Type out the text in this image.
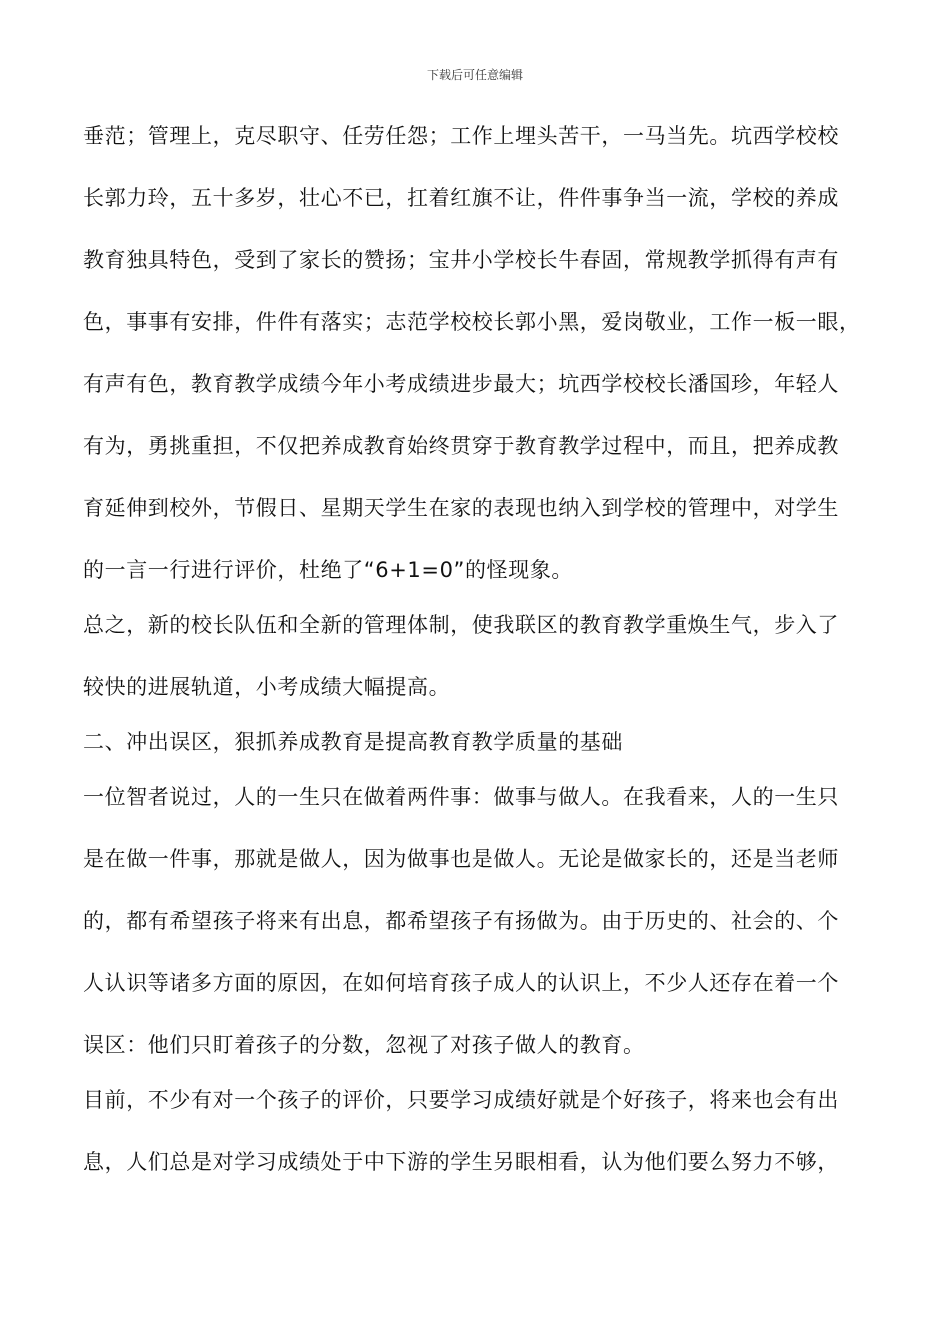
下载后可任意编辑
垂范；管理上，克尽职守、任劳任怨；工作上埋头苦干，一马当先。坑西学校校
长郭力玲，五十多岁，壮心不已，扛着红旗不让，件件事争当一流，学校的养成
教育独具特色，受到了家长的赞扬；宝井小学校长牛春固，常规教学抓得有声有
色，事事有安排，件件有落实；志范学校校长郭小黑，爱岗敬业，工作一板一眼，
有声有色，教育教学成绩今年小考成绩进步最大；坑西学校校长潘国珍，年轻人
有为，勇挑重担，不仅把养成教育始终贯穿于教育教学过程中，而且，把养成教
育延伸到校外，节假日、星期天学生在家的表现也纳入到学校的管理中，对学生
的一言一行进行评价，杜绝了“6+1=0”的怪现象。
总之，新的校长队伍和全新的管理体制，使我联区的教育教学重焕生气，步入了
较快的进展轨道，小考成绩大幅提高。
二、冲出误区，狠抓养成教育是提高教育教学质量的基础
一位智者说过，人的一生只在做着两件事：做事与做人。在我看来，人的一生只
是在做一件事，那就是做人，因为做事也是做人。无论是做家长的，还是当老师
的，都有希望孩子将来有出息，都希望孩子有扬做为。由于历史的、社会的、个
人认识等诸多方面的原因，在如何培育孩子成人的认识上，不少人还存在着一个
误区：他们只盯着孩子的分数，忽视了对孩子做人的教育。
目前，不少有对一个孩子的评价，只要学习成绩好就是个好孩子，将来也会有出
息，人们总是对学习成绩处于中下游的学生另眼相看，认为他们要么努力不够，
